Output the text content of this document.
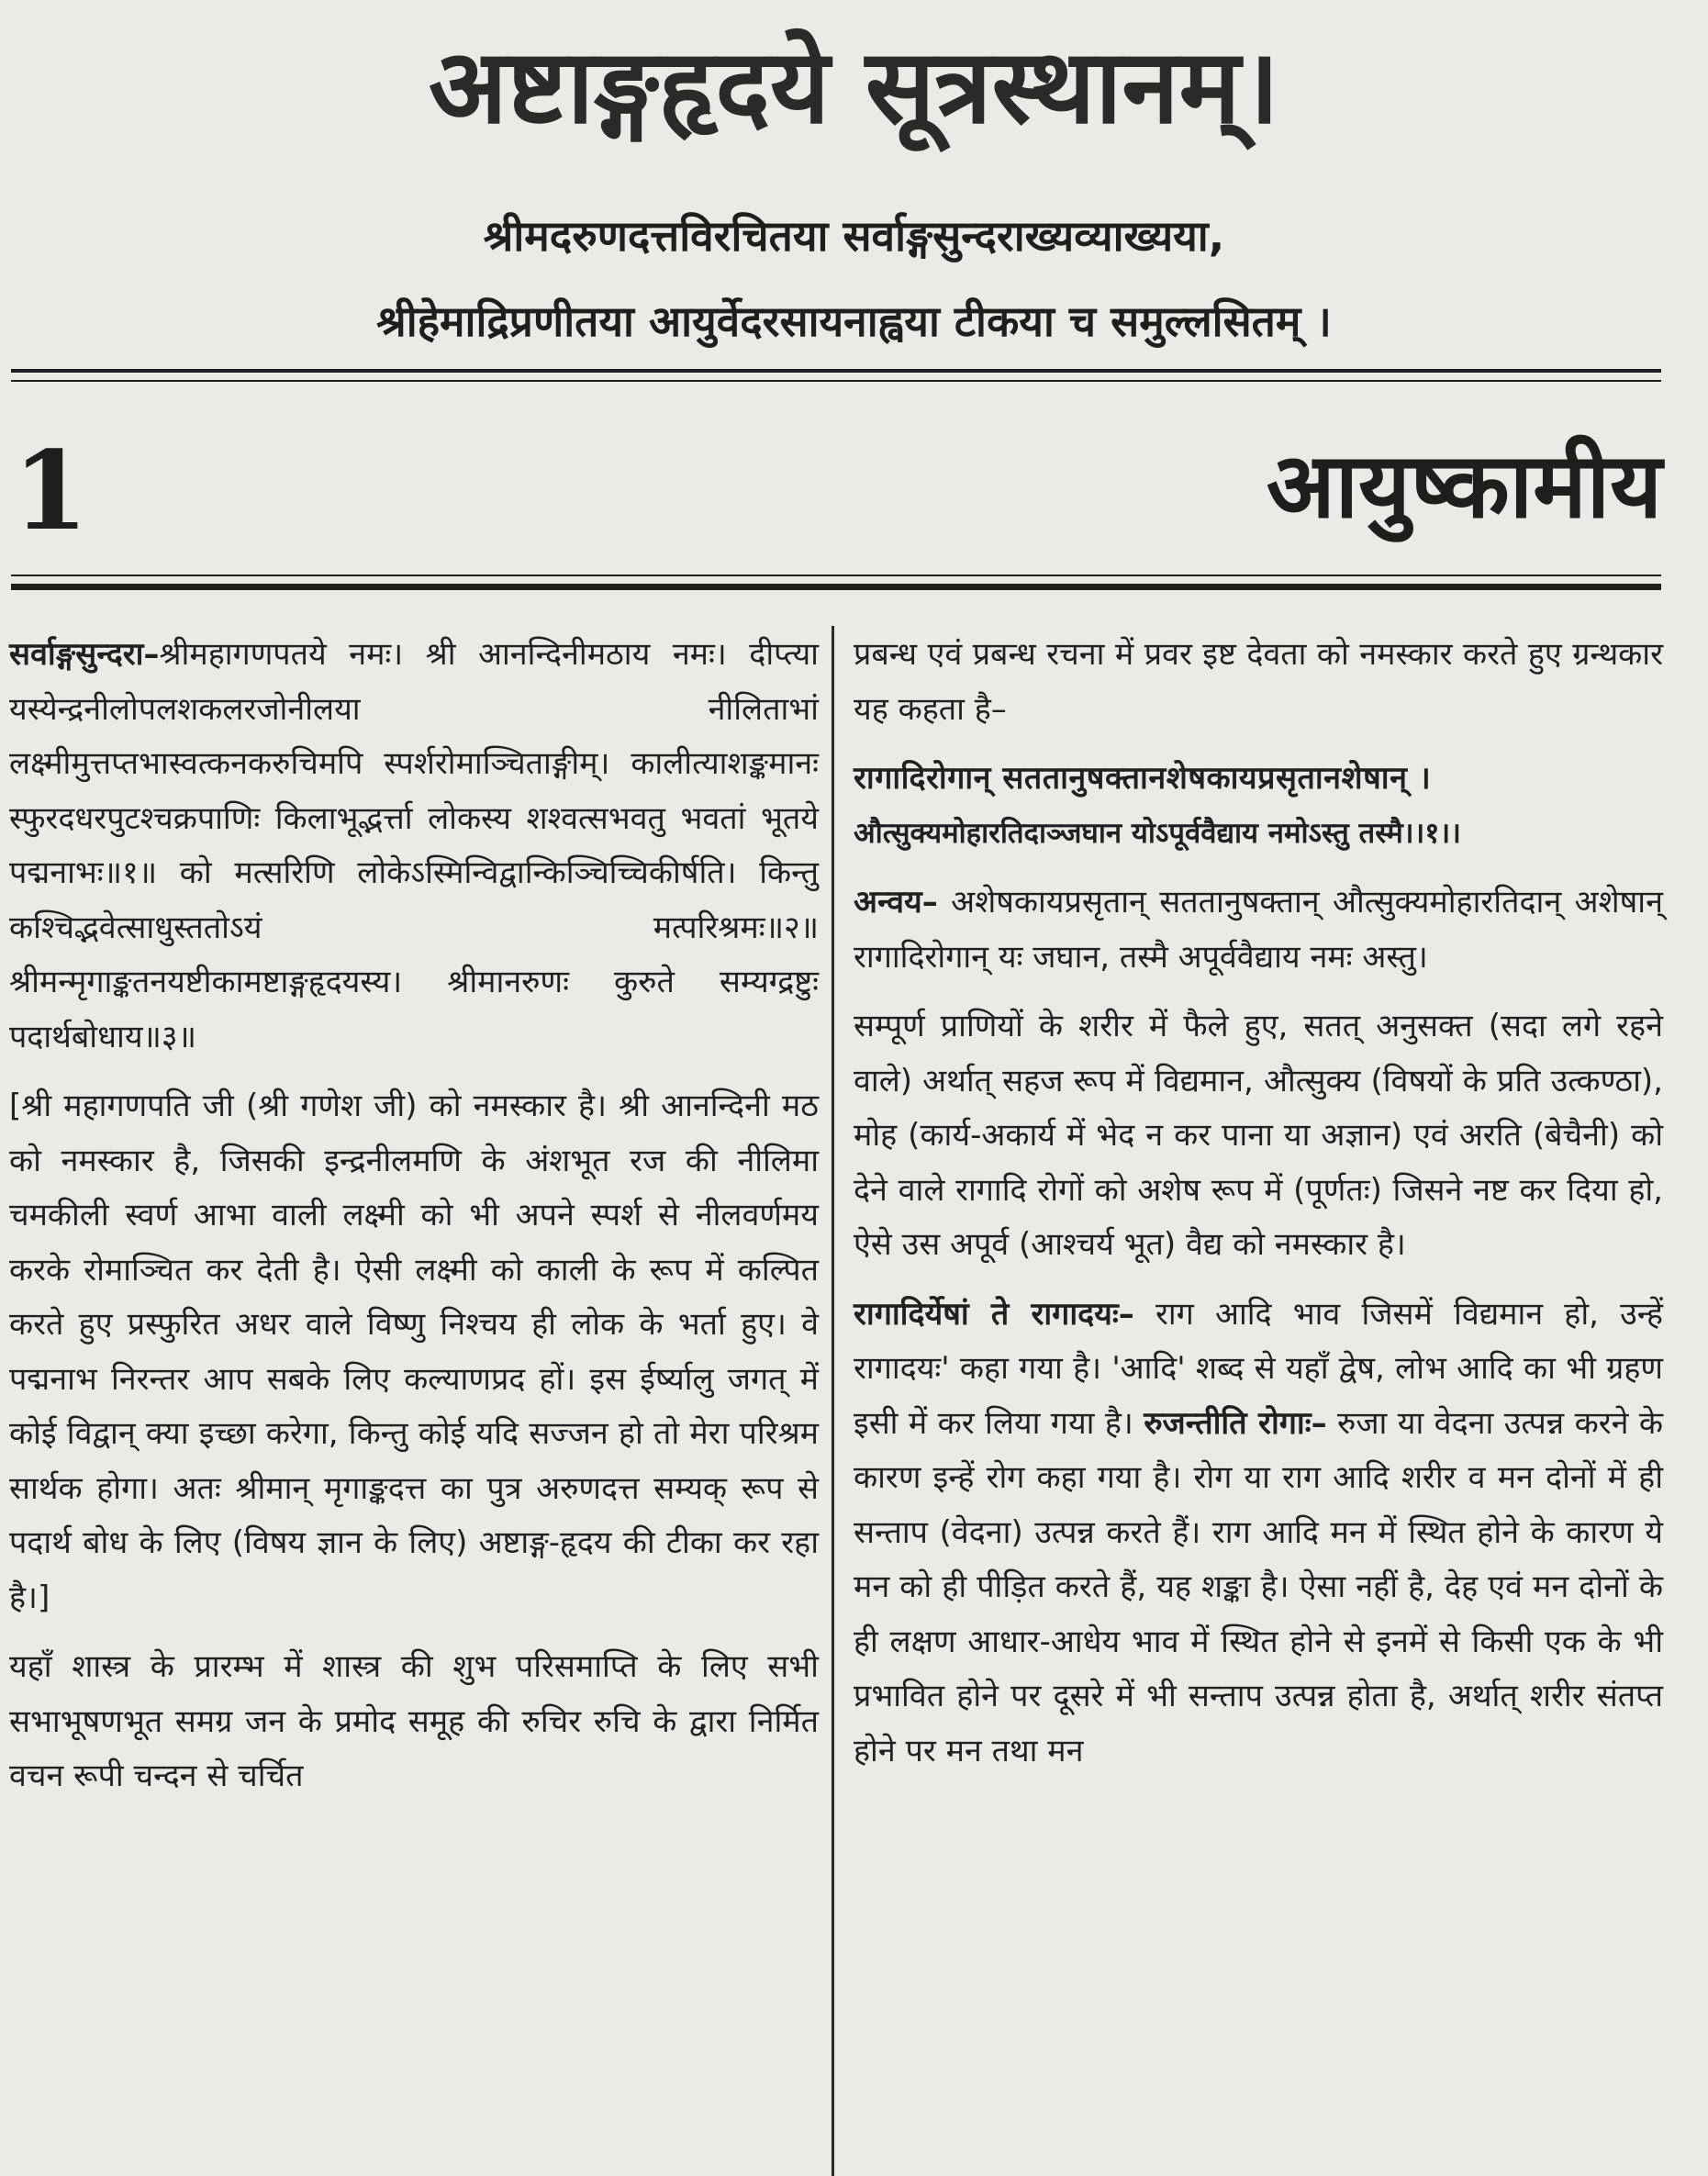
अष्टाङ्गहृदये सूत्रस्थानम्।
श्रीमदरुणदत्तविरचितया सर्वाङ्गसुन्दराख्यव्याख्यया,
श्रीहेमाद्रिप्रणीतया आयुर्वेदरसायनाह्वया टीकया च समुल्लसितम् ।
1	आयुष्कामीय

सर्वाङ्गसुन्दरा–श्रीमहागणपतये नमः। श्री आनन्दिनीमठाय नमः। दीप्त्या यस्येन्द्रनीलोपलशकलरजोनीलया नीलिताभां लक्ष्मीमुत्तप्तभास्वत्कनकरुचिमपि स्पर्शरोमाञ्चिताङ्गीम्। कालीत्याशङ्कमानः स्फुरदधरपुटश्चक्रपाणिः किलाभूद्भर्त्ता लोकस्य शश्वत्सभवतु भवतां भूतये पद्मनाभः॥१॥ को मत्सरिणि लोकेऽस्मिन्विद्वान्किञ्चिच्चिकीर्षति। किन्तु कश्चिद्भवेत्साधुस्ततोऽयं मत्परिश्रमः॥२॥ श्रीमन्मृगाङ्कतनयष्टीकामष्टाङ्गहृदयस्य। श्रीमानरुणः कुरुते सम्यग्द्रष्टुः पदार्थबोधाय॥३॥

[श्री महागणपति जी (श्री गणेश जी) को नमस्कार है। श्री आनन्दिनी मठ को नमस्कार है, जिसकी इन्द्रनीलमणि के अंशभूत रज की नीलिमा चमकीली स्वर्ण आभा वाली लक्ष्मी को भी अपने स्पर्श से नीलवर्णमय करके रोमाञ्चित कर देती है। ऐसी लक्ष्मी को काली के रूप में कल्पित करते हुए प्रस्फुरित अधर वाले विष्णु निश्चय ही लोक के भर्ता हुए। वे पद्मनाभ निरन्तर आप सबके लिए कल्याणप्रद हों। इस ईर्ष्यालु जगत् में कोई विद्वान् क्या इच्छा करेगा, किन्तु कोई यदि सज्जन हो तो मेरा परिश्रम सार्थक होगा। अतः श्रीमान् मृगाङ्कदत्त का पुत्र अरुणदत्त सम्यक् रूप से पदार्थ बोध के लिए (विषय ज्ञान के लिए) अष्टाङ्ग-हृदय की टीका कर रहा है।]

यहाँ शास्त्र के प्रारम्भ में शास्त्र की शुभ परिसमाप्ति के लिए सभी सभाभूषणभूत समग्र जन के प्रमोद समूह की रुचिर रुचि के द्वारा निर्मित वचन रूपी चन्दन से चर्चित

प्रबन्ध एवं प्रबन्ध रचना में प्रवर इष्ट देवता को नमस्कार करते हुए ग्रन्थकार यह कहता है–

रागादिरोगान् सततानुषक्तानशेषकायप्रसृतानशेषान् ।

औत्सुक्यमोहारतिदाञ्जघान योऽपूर्ववैद्याय नमोऽस्तु तस्मै।।१।।

अन्वय– अशेषकायप्रसृतान् सततानुषक्तान् औत्सुक्यमोहारतिदान् अशेषान् रागादिरोगान् यः जघान, तस्मै अपूर्ववैद्याय नमः अस्तु।

सम्पूर्ण प्राणियों के शरीर में फैले हुए, सतत् अनुसक्त (सदा लगे रहने वाले) अर्थात् सहज रूप में विद्यमान, औत्सुक्य (विषयों के प्रति उत्कण्ठा), मोह (कार्य-अकार्य में भेद न कर पाना या अज्ञान) एवं अरति (बेचैनी) को देने वाले रागादि रोगों को अशेष रूप में (पूर्णतः) जिसने नष्ट कर दिया हो, ऐसे उस अपूर्व (आश्चर्य भूत) वैद्य को नमस्कार है।

रागादिर्येषां ते रागादयः– राग आदि भाव जिसमें विद्यमान हो, उन्हें रागादयः' कहा गया है। 'आदि' शब्द से यहाँ द्वेष, लोभ आदि का भी ग्रहण इसी में कर लिया गया है। रुजन्तीति रोगाः– रुजा या वेदना उत्पन्न करने के कारण इन्हें रोग कहा गया है। रोग या राग आदि शरीर व मन दोनों में ही सन्ताप (वेदना) उत्पन्न करते हैं। राग आदि मन में स्थित होने के कारण ये मन को ही पीड़ित करते हैं, यह शङ्का है। ऐसा नहीं है, देह एवं मन दोनों के ही लक्षण आधार-आधेय भाव में स्थित होने से इनमें से किसी एक के भी प्रभावित होने पर दूसरे में भी सन्ताप उत्पन्न होता है, अर्थात् शरीर संतप्त होने पर मन तथा मन
